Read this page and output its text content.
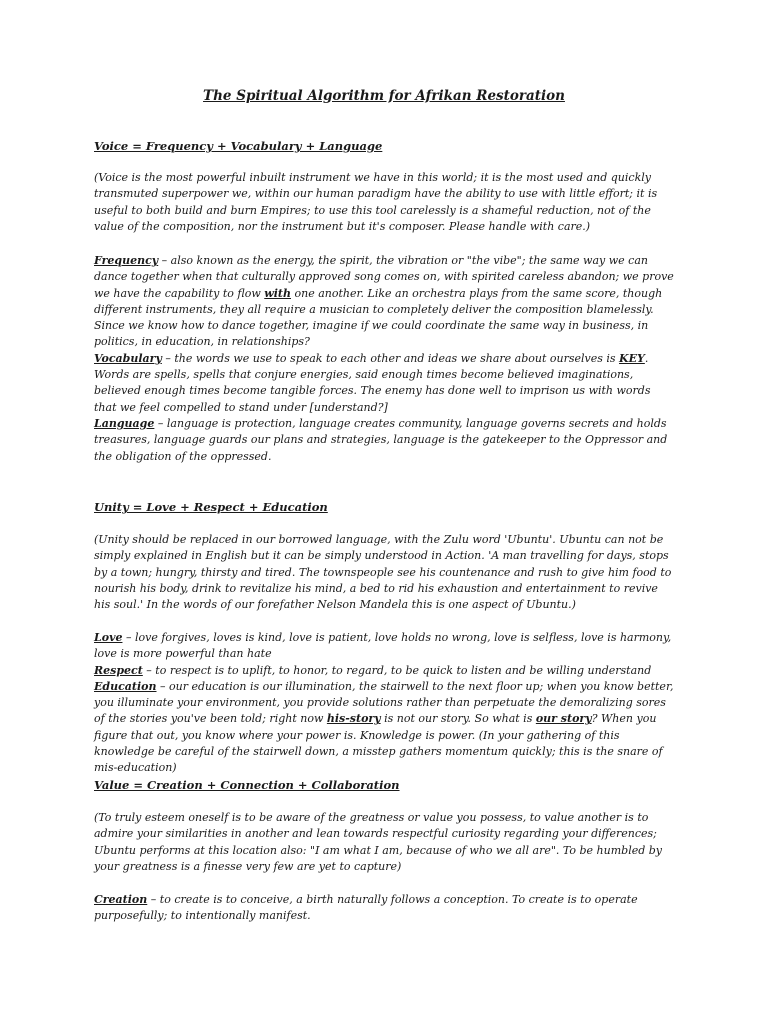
The Spiritual Algorithm for Afrikan Restoration
Voice = Frequency + Vocabulary + Language

(Voice is the most powerful inbuilt instrument we have in this world; it is the most used and quickly transmuted superpower we, within our human paradigm have the ability to use with little effort; it is useful to both build and burn Empires; to use this tool carelessly is a shameful reduction, not of the value of the composition, nor the instrument but it's composer. Please handle with care.)

Frequency – also known as the energy, the spirit, the vibration or "the vibe"; the same way we can dance together when that culturally approved song comes on, with spirited careless abandon; we prove we have the capability to flow with one another. Like an orchestra plays from the same score, though different instruments, they all require a musician to completely deliver the composition blamelessly. Since we know how to dance together, imagine if we could coordinate the same way in business, in politics, in education, in relationships?

Vocabulary – the words we use to speak to each other and ideas we share about ourselves is KEY. Words are spells, spells that conjure energies, said enough times become believed imaginations, believed enough times become tangible forces. The enemy has done well to imprison us with words that we feel compelled to stand under [understand?]

Language – language is protection, language creates community, language governs secrets and holds treasures, language guards our plans and strategies, language is the gatekeeper to the Oppressor and the obligation of the oppressed.

Unity = Love + Respect + Education

(Unity should be replaced in our borrowed language, with the Zulu word 'Ubuntu'. Ubuntu can not be simply explained in English but it can be simply understood in Action. 'A man travelling for days, stops by a town; hungry, thirsty and tired. The townspeople see his countenance and rush to give him food to nourish his body, drink to revitalize his mind, a bed to rid his exhaustion and entertainment to revive his soul.' In the words of our forefather Nelson Mandela this is one aspect of Ubuntu.)

Love – love forgives, loves is kind, love is patient, love holds no wrong, love is selfless, love is harmony, love is more powerful than hate

Respect – to respect is to uplift, to honor, to regard, to be quick to listen and be willing understand

Education – our education is our illumination, the stairwell to the next floor up; when you know better, you illuminate your environment, you provide solutions rather than perpetuate the demoralizing sores of the stories you've been told; right now his-story is not our story. So what is our story? When you figure that out, you know where your power is. Knowledge is power. (In your gathering of this knowledge be careful of the stairwell down, a misstep gathers momentum quickly; this is the snare of mis-education)

Value = Creation + Connection + Collaboration

(To truly esteem oneself is to be aware of the greatness or value you possess, to value another is to admire your similarities in another and lean towards respectful curiosity regarding your differences; Ubuntu performs at this location also: "I am what I am, because of who we all are". To be humbled by your greatness is a finesse very few are yet to capture)

Creation – to create is to conceive, a birth naturally follows a conception. To create is to operate purposefully; to intentionally manifest.
